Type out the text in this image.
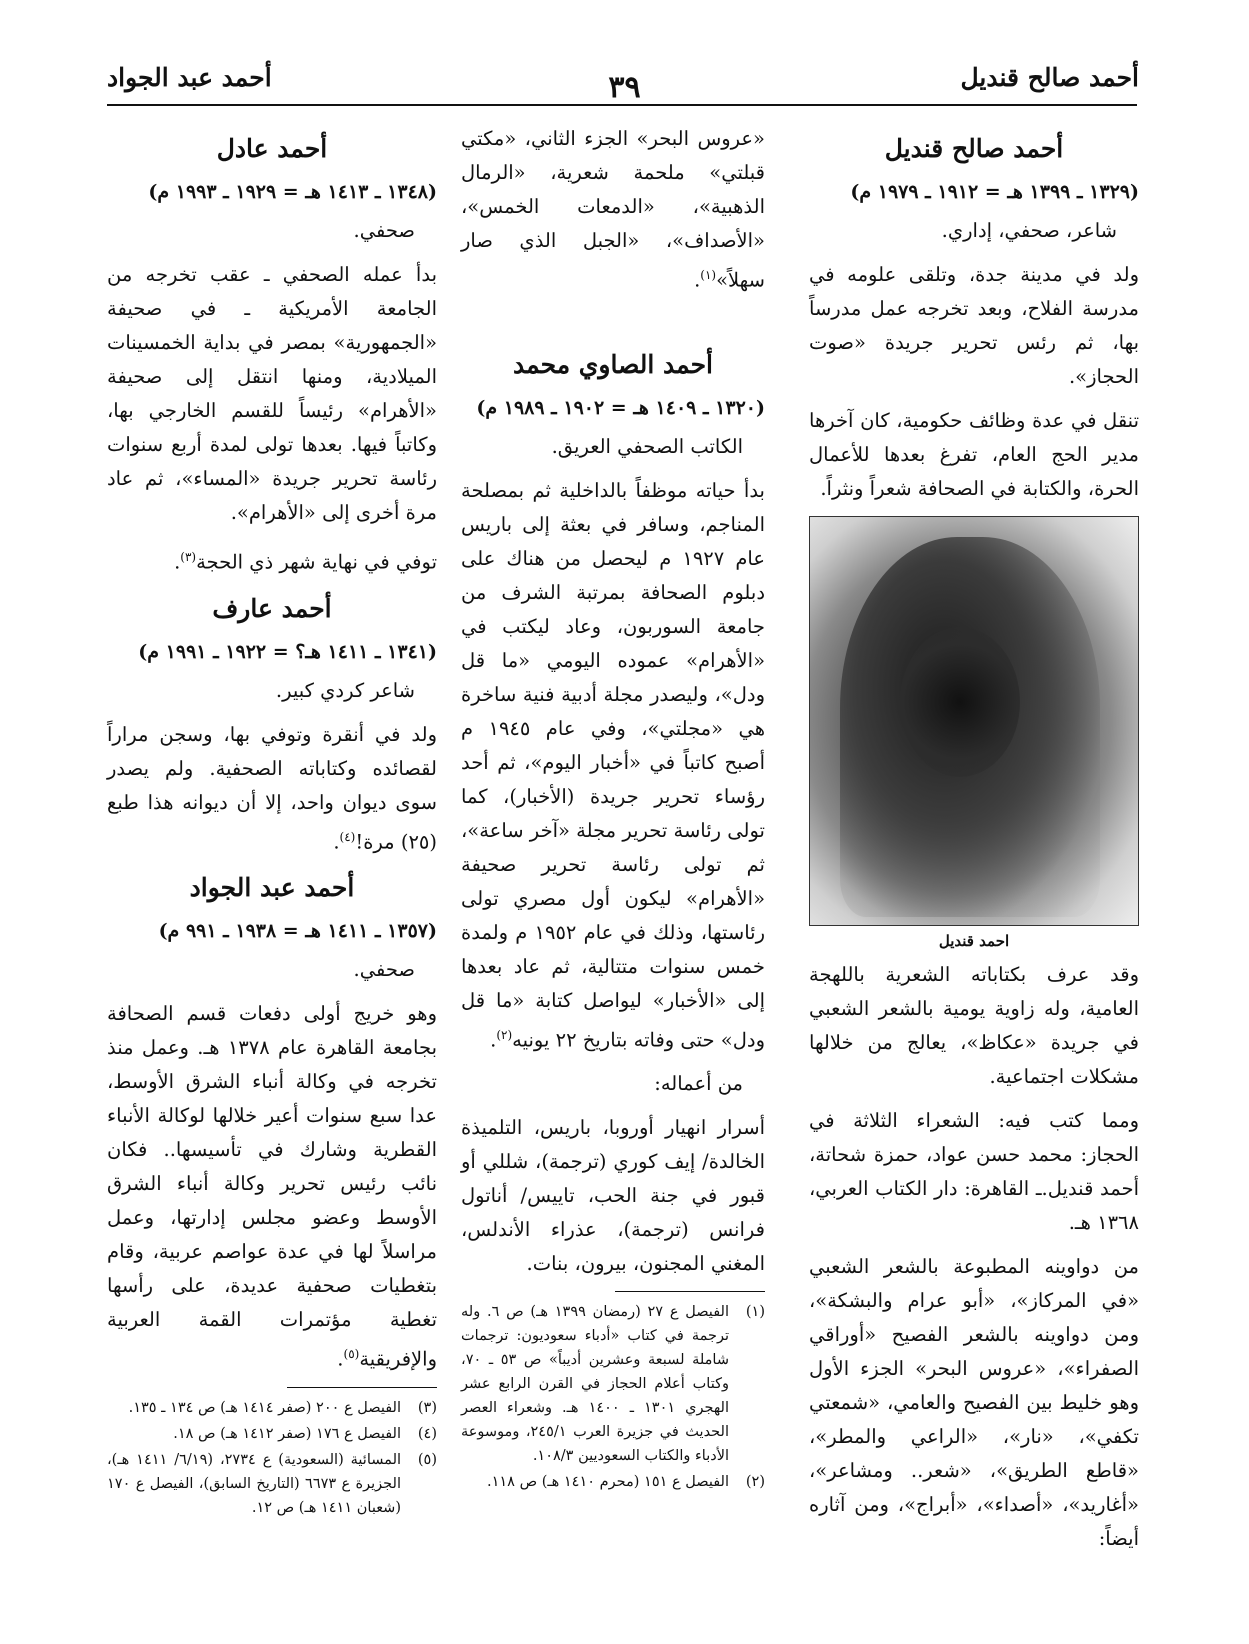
أحمد صالح قنديل
٣٩
أحمد عبد الجواد
أحمد صالح قنديل
(١٣٢٩ ـ ١٣٩٩ هـ = ١٩١٢ ـ ١٩٧٩ م)

شاعر، صحفي، إداري.

ولد في مدينة جدة، وتلقى علومه في مدرسة الفلاح، وبعد تخرجه عمل مدرساً بها، ثم رئس تحرير جريدة «صوت الحجاز».

تنقل في عدة وظائف حكومية، كان آخرها مدير الحج العام، تفرغ بعدها للأعمال الحرة، والكتابة في الصحافة شعراً ونثراً.

احمد قنديل

وقد عرف بكتاباته الشعرية باللهجة العامية، وله زاوية يومية بالشعر الشعبي في جريدة «عكاظ»، يعالج من خلالها مشكلات اجتماعية.

ومما كتب فيه: الشعراء الثلاثة في الحجاز: محمد حسن عواد، حمزة شحاتة، أحمد قنديل.ـ القاهرة: دار الكتاب العربي، ١٣٦٨ هـ.

من دواوينه المطبوعة بالشعر الشعبي «في المركاز»، «أبو عرام والبشكة»، ومن دواوينه بالشعر الفصيح «أوراقي الصفراء»، «عروس البحر» الجزء الأول وهو خليط بين الفصيح والعامي، «شمعتي تكفي»، «نار»، «الراعي والمطر»، «قاطع الطريق»، «شعر.. ومشاعر»، «أغاريد»، «أصداء»، «أبراج»، ومن آثاره أيضاً:

«عروس البحر» الجزء الثاني، «مكتي قبلتي» ملحمة شعرية، «الرمال الذهبية»، «الدمعات الخمس»، «الأصداف»، «الجبل الذي صار سهلاً»$^{(١)}$.

أحمد الصاوي محمد
(١٣٢٠ ـ ١٤٠٩ هـ = ١٩٠٢ ـ ١٩٨٩ م)

الكاتب الصحفي العريق.

بدأ حياته موظفاً بالداخلية ثم بمصلحة المناجم، وسافر في بعثة إلى باريس عام ١٩٢٧ م ليحصل من هناك على دبلوم الصحافة بمرتبة الشرف من جامعة السوربون، وعاد ليكتب في «الأهرام» عموده اليومي «ما قل ودل»، وليصدر مجلة أدبية فنية ساخرة هي «مجلتي»، وفي عام ١٩٤٥ م أصبح كاتباً في «أخبار اليوم»، ثم أحد رؤساء تحرير جريدة (الأخبار)، كما تولى رئاسة تحرير مجلة «آخر ساعة»، ثم تولى رئاسة تحرير صحيفة «الأهرام» ليكون أول مصري تولى رئاستها، وذلك في عام ١٩٥٢ م ولمدة خمس سنوات متتالية، ثم عاد بعدها إلى «الأخبار» ليواصل كتابة «ما قل ودل» حتى وفاته بتاريخ ٢٢ يونيه$^{(٢)}$.

من أعماله:

أسرار انهيار أوروبا، باريس، التلميذة الخالدة/ إيف كوري (ترجمة)، شللي أو قبور في جنة الحب، تاييس/ أناتول فرانس (ترجمة)، عذراء الأندلس، المغني المجنون، بيرون، بنات.

(١)
الفيصل ع ٢٧ (رمضان ١٣٩٩ هـ) ص ٦. وله ترجمة في كتاب «أدباء سعوديون: ترجمات شاملة لسبعة وعشرين أديباً» ص ٥٣ ـ ٧٠، وكتاب أعلام الحجاز في القرن الرابع عشر الهجري ١٣٠١ ـ ١٤٠٠ هـ. وشعراء العصر الحديث في جزيرة العرب ٢٤٥/١، وموسوعة الأدباء والكتاب السعوديين ١٠٨/٣.
(٢)
الفيصل ع ١٥١ (محرم ١٤١٠ هـ) ص ١١٨.
أحمد عادل
(١٣٤٨ ـ ١٤١٣ هـ = ١٩٢٩ ـ ١٩٩٣ م)

صحفي.

بدأ عمله الصحفي ـ عقب تخرجه من الجامعة الأمريكية ـ في صحيفة «الجمهورية» بمصر في بداية الخمسينات الميلادية، ومنها انتقل إلى صحيفة «الأهرام» رئيساً للقسم الخارجي بها، وكاتباً فيها. بعدها تولى لمدة أربع سنوات رئاسة تحرير جريدة «المساء»، ثم عاد مرة أخرى إلى «الأهرام».

توفي في نهاية شهر ذي الحجة$^{(٣)}$.

أحمد عارف
(١٣٤١ ـ ١٤١١ هـ؟ = ١٩٢٢ ـ ١٩٩١ م)

شاعر كردي كبير.

ولد في أنقرة وتوفي بها، وسجن مراراً لقصائده وكتاباته الصحفية. ولم يصدر سوى ديوان واحد، إلا أن ديوانه هذا طبع (٢٥) مرة!$^{(٤)}$.

أحمد عبد الجواد
(١٣٥٧ ـ ١٤١١ هـ = ١٩٣٨ ـ ٩٩١ م)

صحفي.

وهو خريج أولى دفعات قسم الصحافة بجامعة القاهرة عام ١٣٧٨ هـ. وعمل منذ تخرجه في وكالة أنباء الشرق الأوسط، عدا سبع سنوات أعير خلالها لوكالة الأنباء القطرية وشارك في تأسيسها.. فكان نائب رئيس تحرير وكالة أنباء الشرق الأوسط وعضو مجلس إدارتها، وعمل مراسلاً لها في عدة عواصم عربية، وقام بتغطيات صحفية عديدة، على رأسها تغطية مؤتمرات القمة العربية والإفريقية$^{(٥)}$.

(٣)
الفيصل ع ٢٠٠ (صفر ١٤١٤ هـ) ص ١٣٤ ـ ١٣٥.
(٤)
الفيصل ع ١٧٦ (صفر ١٤١٢ هـ) ص ١٨.
(٥)
المسائية (السعودية) ع ٢٧٣٤، (٦/١٩/ ١٤١١ هـ)، الجزيرة ع ٦٦٧٣ (التاريخ السابق)، الفيصل ع ١٧٠ (شعبان ١٤١١ هـ) ص ١٢.
